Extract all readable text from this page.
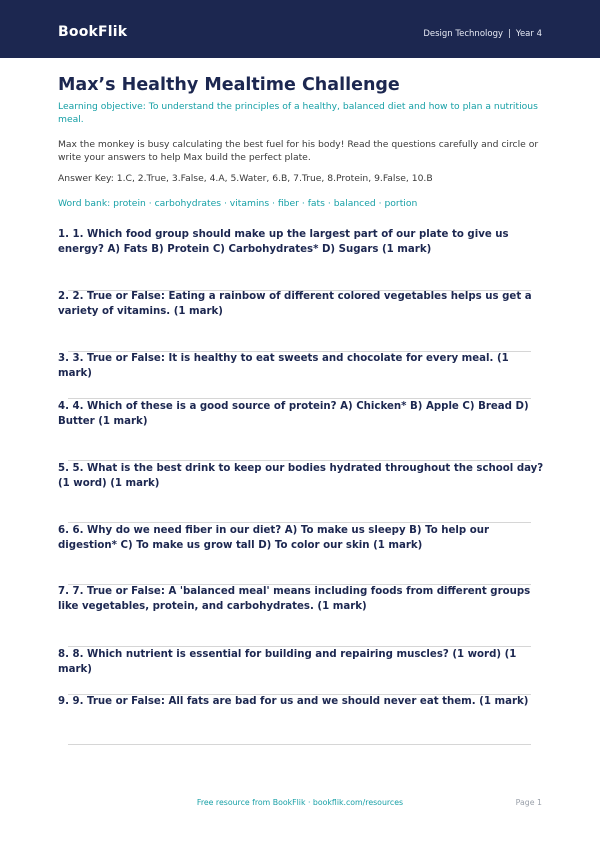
BookFlik	Design Technology | Year 4
Max’s Healthy Mealtime Challenge
Learning objective: To understand the principles of a healthy, balanced diet and how to plan a nutritious meal.
Max the monkey is busy calculating the best fuel for his body! Read the questions carefully and circle or write your answers to help Max build the perfect plate.
Answer Key: 1.C, 2.True, 3.False, 4.A, 5.Water, 6.B, 7.True, 8.Protein, 9.False, 10.B
Word bank: protein · carbohydrates · vitamins · fiber · fats · balanced · portion
1. 1. Which food group should make up the largest part of our plate to give us energy? A) Fats B) Protein C) Carbohydrates* D) Sugars (1 mark)
2. 2. True or False: Eating a rainbow of different colored vegetables helps us get a variety of vitamins. (1 mark)
3. 3. True or False: It is healthy to eat sweets and chocolate for every meal. (1 mark)
4. 4. Which of these is a good source of protein? A) Chicken* B) Apple C) Bread D) Butter (1 mark)
5. 5. What is the best drink to keep our bodies hydrated throughout the school day? (1 word) (1 mark)
6. 6. Why do we need fiber in our diet? A) To make us sleepy B) To help our digestion* C) To make us grow tall D) To color our skin (1 mark)
7. 7. True or False: A 'balanced meal' means including foods from different groups like vegetables, protein, and carbohydrates. (1 mark)
8. 8. Which nutrient is essential for building and repairing muscles? (1 word) (1 mark)
9. 9. True or False: All fats are bad for us and we should never eat them. (1 mark)
Free resource from BookFlik · bookflik.com/resources	Page 1
